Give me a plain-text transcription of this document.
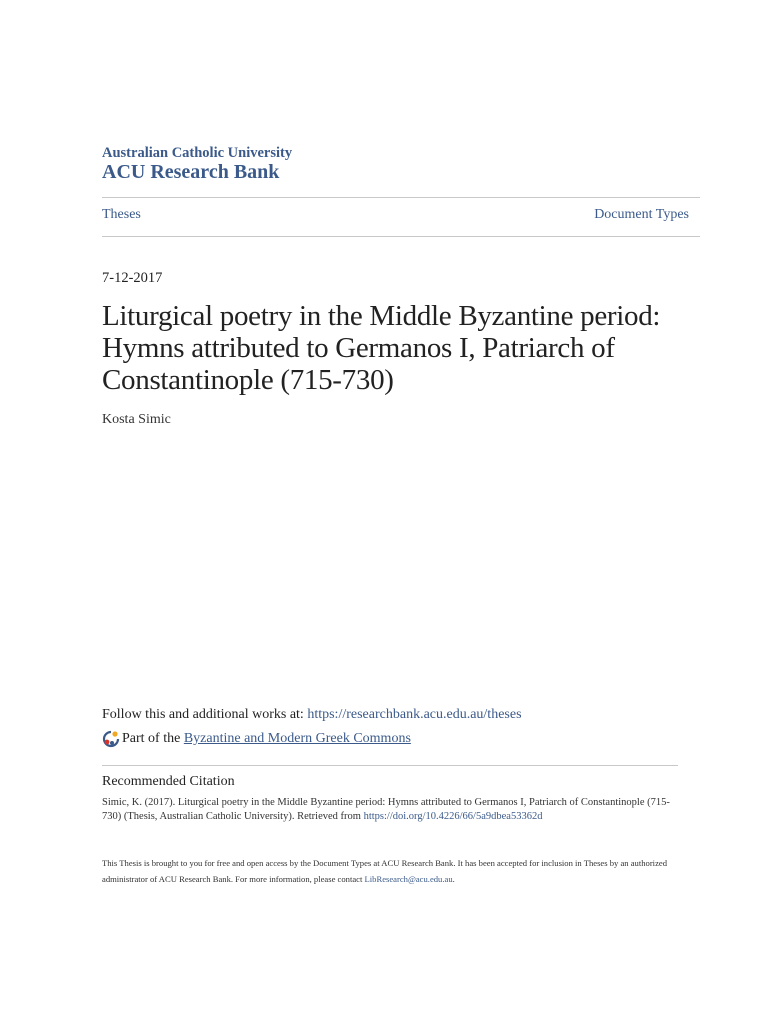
Australian Catholic University
ACU Research Bank
Theses	Document Types
7-12-2017
Liturgical poetry in the Middle Byzantine period: Hymns attributed to Germanos I, Patriarch of Constantinople (715-730)
Kosta Simic
Follow this and additional works at: https://researchbank.acu.edu.au/theses
Part of the Byzantine and Modern Greek Commons
Recommended Citation
Simic, K. (2017). Liturgical poetry in the Middle Byzantine period: Hymns attributed to Germanos I, Patriarch of Constantinople (715-730) (Thesis, Australian Catholic University). Retrieved from https://doi.org/10.4226/66/5a9dbea53362d
This Thesis is brought to you for free and open access by the Document Types at ACU Research Bank. It has been accepted for inclusion in Theses by an authorized administrator of ACU Research Bank. For more information, please contact LibResearch@acu.edu.au.
